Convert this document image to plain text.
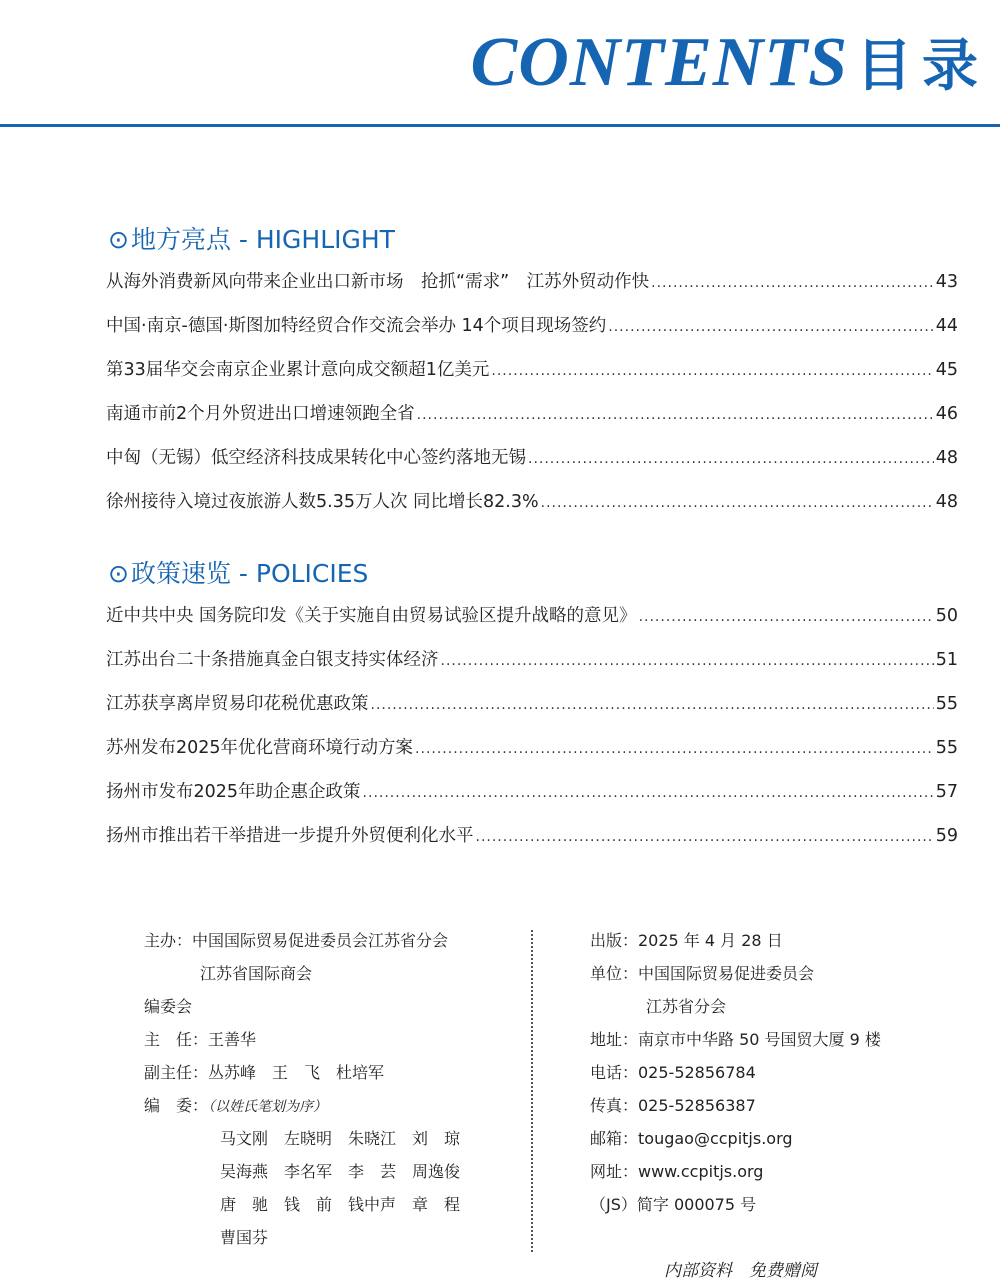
CONTENTS 目录
⊙地方亮点 - HIGHLIGHT
从海外消费新风向带来企业出口新市场　抢抓“需求”　江苏外贸动作快 .....	43
中国·南京-德国·斯图加特经贸合作交流会举办 14个项目现场签约 .....	44
第33届华交会南京企业累计意向成交额超1亿美元 .....	45
南通市前2个月外贸进出口增速领跑全省 .....	46
中匈（无锡）低空经济科技成果转化中心签约落地无锡 .....	48
徐州接待入境过夜旅游人数5.35万人次 同比增长82.3% .....	48
⊙政策速览 - POLICIES
近中共中央 国务院印发《关于实施自由贸易试验区提升战略的意见》 .....	50
江苏出台二十条措施真金白银支持实体经济 .....	51
江苏获享离岸贸易印花税优惠政策 .....	55
苏州发布2025年优化营商环境行动方案 .....	55
扬州市发布2025年助企惠企政策 .....	57
扬州市推出若干举措进一步提升外贸便利化水平 .....	59
主办：中国国际贸易促进委员会江苏省分会
江苏省国际商会
编委会
主　任：王善华
副主任：丛苏峰　王　飞　杜培军
编　委：（以姓氏笔划为序）
马文刚　左晓明　朱晓江　刘　琼
吴海燕　李名军　李　芸　周逸俊
唐　驰　钱　前　钱中声　章　程
曹国芬
出版：2025 年 4 月 28 日
单位：中国国际贸易促进委员会
江苏省分会
地址：南京市中华路 50 号国贸大厦 9 楼
电话：025-52856784
传真：025-52856387
邮箱：tougao@ccpitjs.org
网址：www.ccpitjs.org
（JS）简字 000075 号
内部资料　免费赠阅
